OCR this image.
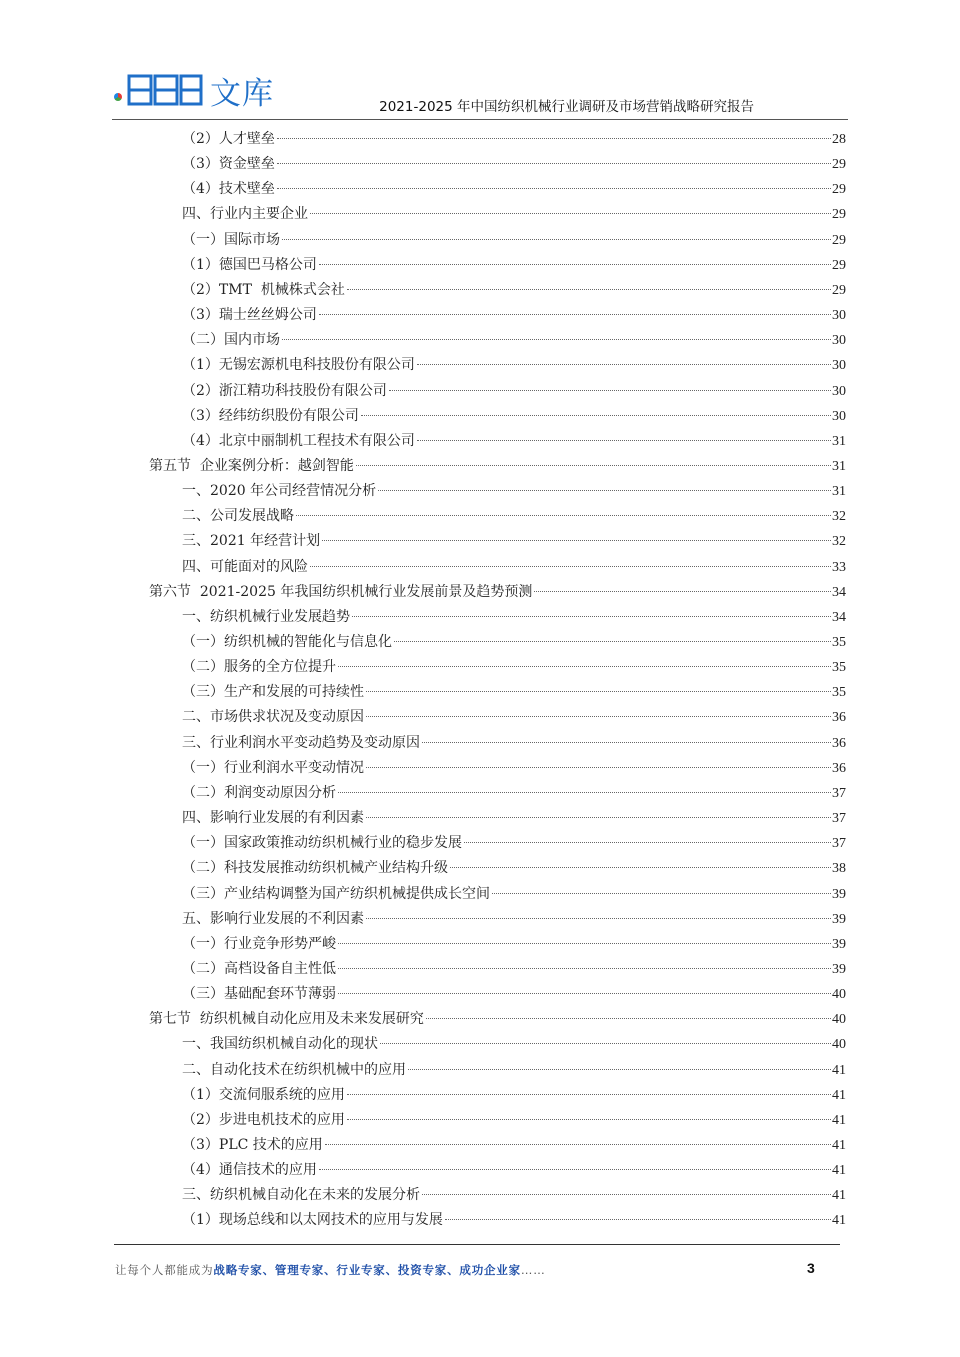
文库	2021-2025 年中国纺织机械行业调研及市场营销战略研究报告
（2）人才壁垒	28
（3）资金壁垒	29
（4）技术壁垒	29
四、行业内主要企业	29
（一）国际市场	29
（1）德国巴马格公司	29
（2）TMT  机械株式会社	29
（3）瑞士丝丝姆公司	30
（二）国内市场	30
（1）无锡宏源机电科技股份有限公司	30
（2）浙江精功科技股份有限公司	30
（3）经纬纺织股份有限公司	30
（4）北京中丽制机工程技术有限公司	31
第五节  企业案例分析：越剑智能	31
一、2020 年公司经营情况分析	31
二、公司发展战略	32
三、2021 年经营计划	32
四、可能面对的风险	33
第六节  2021-2025 年我国纺织机械行业发展前景及趋势预测	34
一、纺织机械行业发展趋势	34
（一）纺织机械的智能化与信息化	35
（二）服务的全方位提升	35
（三）生产和发展的可持续性	35
二、市场供求状况及变动原因	36
三、行业利润水平变动趋势及变动原因	36
（一）行业利润水平变动情况	36
（二）利润变动原因分析	37
四、影响行业发展的有利因素	37
（一）国家政策推动纺织机械行业的稳步发展	37
（二）科技发展推动纺织机械产业结构升级	38
（三）产业结构调整为国产纺织机械提供成长空间	39
五、影响行业发展的不利因素	39
（一）行业竞争形势严峻	39
（二）高档设备自主性低	39
（三）基础配套环节薄弱	40
第七节  纺织机械自动化应用及未来发展研究	40
一、我国纺织机械自动化的现状	40
二、自动化技术在纺织机械中的应用	41
（1）交流伺服系统的应用	41
（2）步进电机技术的应用	41
（3）PLC 技术的应用	41
（4）通信技术的应用	41
三、纺织机械自动化在未来的发展分析	41
（1）现场总线和以太网技术的应用与发展	41
让每个人都能成为战略专家、管理专家、行业专家、投资专家、成功企业家……	3
